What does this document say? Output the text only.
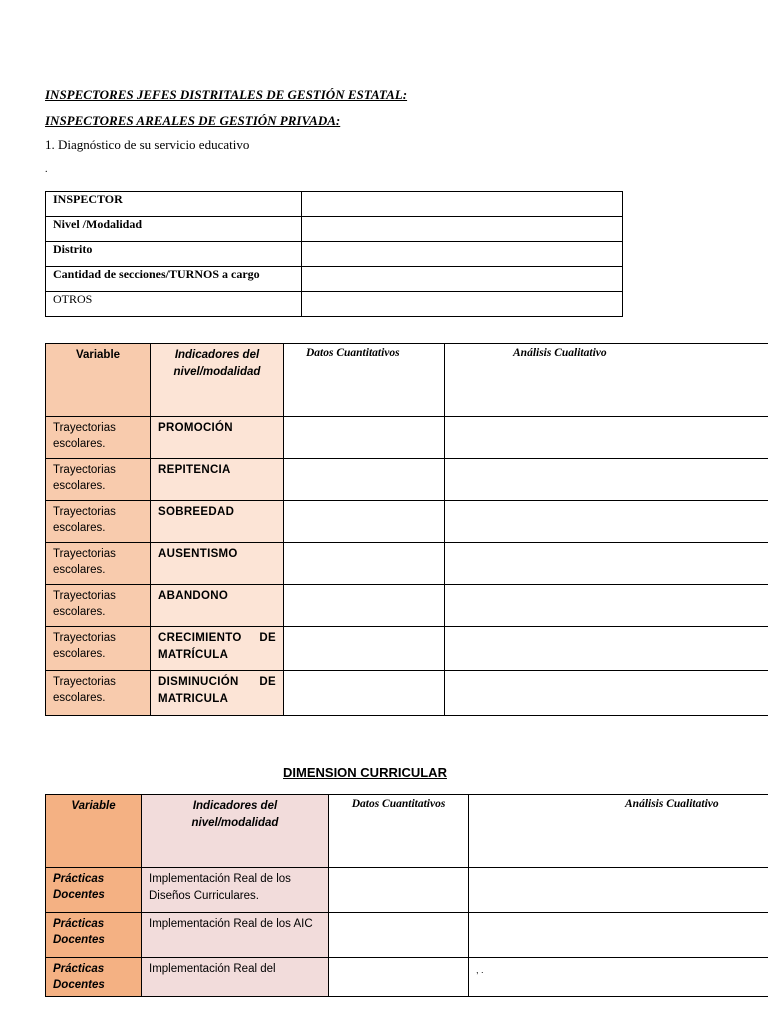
INSPECTORES JEFES DISTRITALES DE GESTIÓN ESTATAL:
INSPECTORES AREALES DE GESTIÓN PRIVADA:
1. Diagnóstico de su servicio educativo
.
INSPECTOR	
Nivel /Modalidad	
Distrito	
Cantidad de secciones/TURNOS a cargo	
OTROS	
Variable	Indicadores del nivel/modalidad	Datos Cuantitativos	Análisis Cualitativo
Trayectorias escolares.	PROMOCIÓN		
Trayectorias escolares.	REPITENCIA		
Trayectorias escolares.	SOBREEDAD		
Trayectorias escolares.	AUSENTISMO		
Trayectorias escolares.	ABANDONO		
Trayectorias escolares.	CRECIMIENTO DE MATRÍCULA		
Trayectorias escolares.	DISMINUCIÓN DE MATRICULA		
DIMENSION CURRICULAR
Variable	Indicadores del nivel/modalidad	Datos Cuantitativos	Análisis Cualitativo
Prácticas Docentes	Implementación Real de los Diseños Curriculares.		
Prácticas Docentes	Implementación Real de los AIC		
Prácticas Docentes	Implementación Real del		, .
